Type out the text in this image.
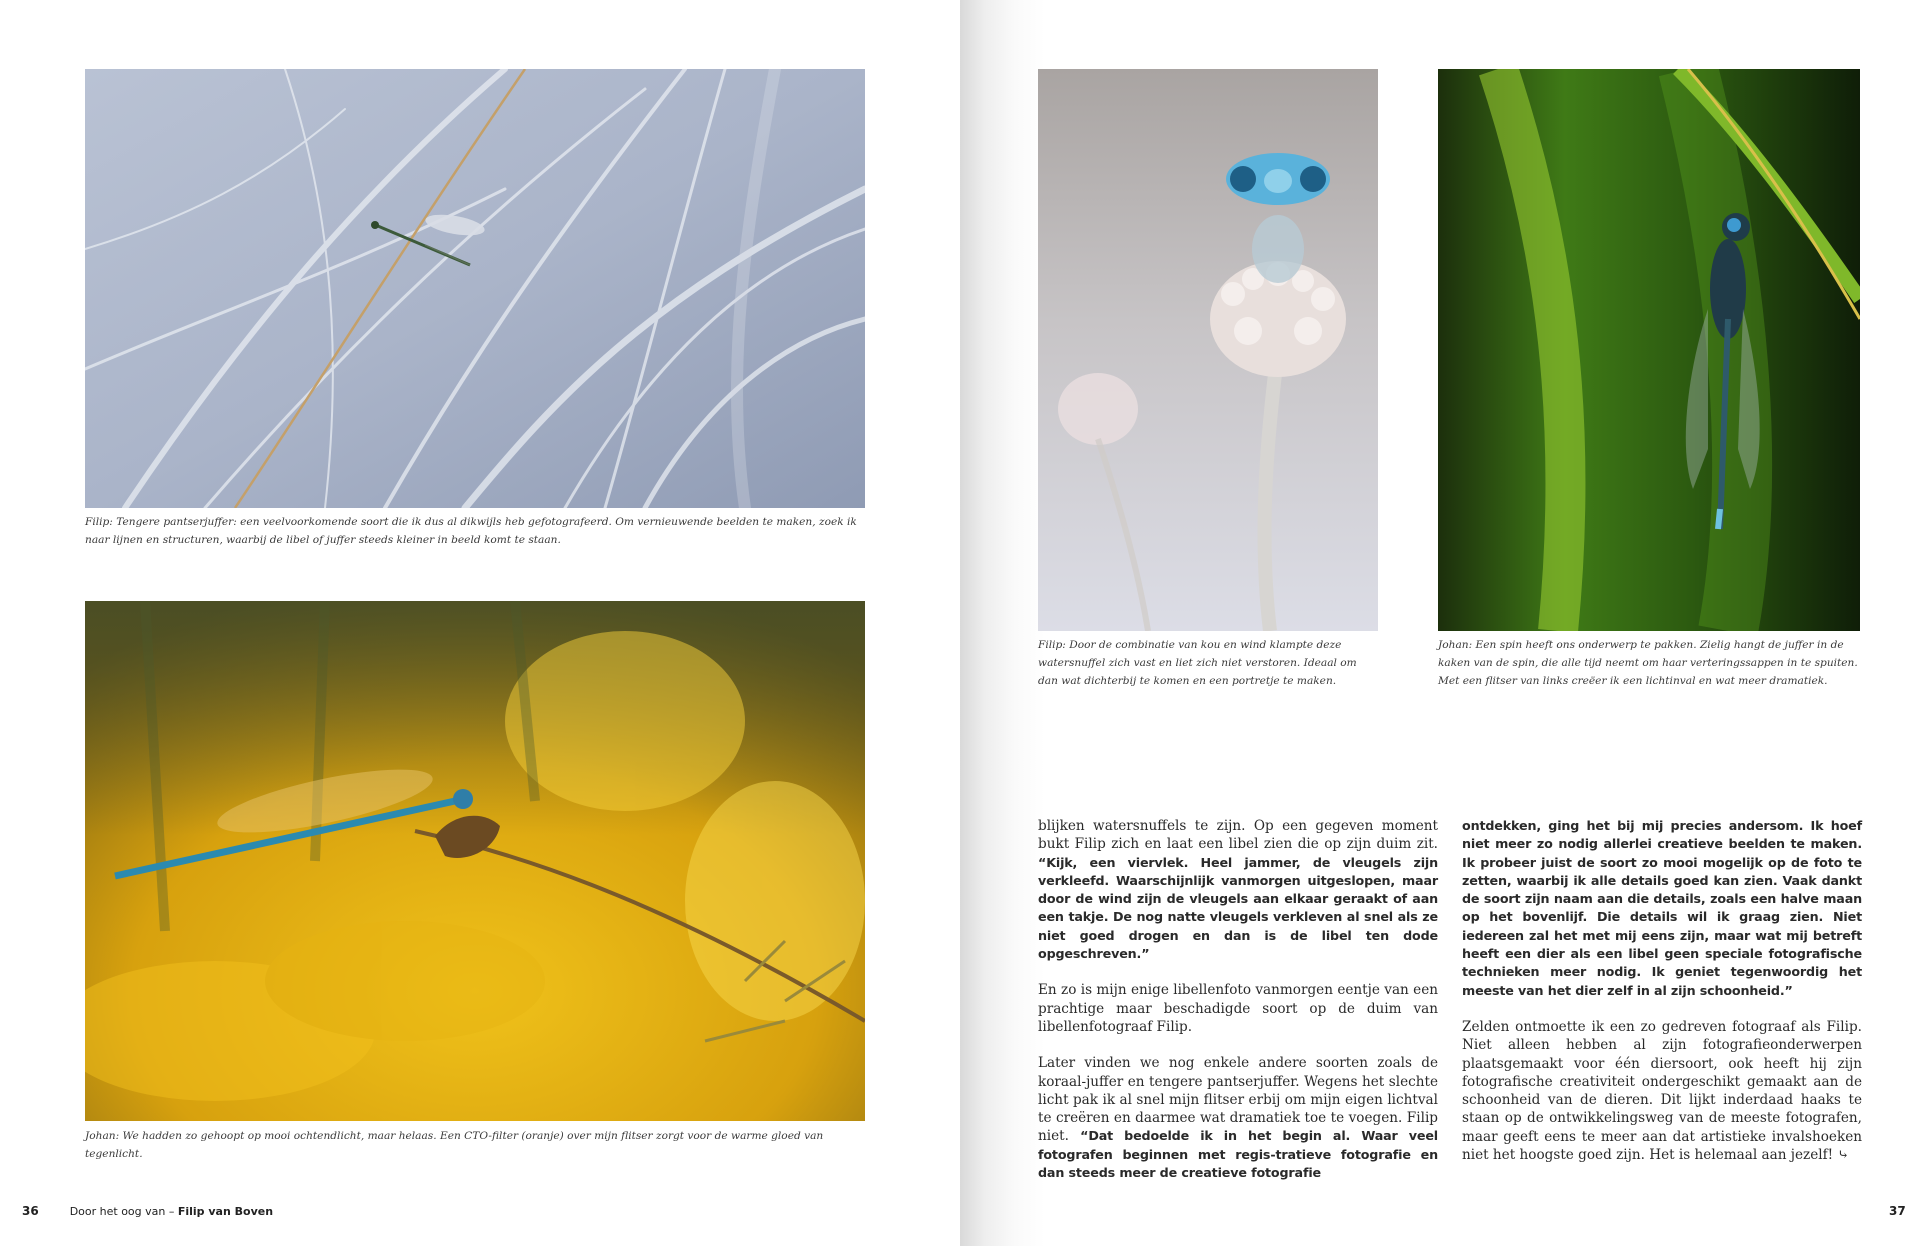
Filip: Tengere pantserjuffer: een veelvoorkomende soort die ik dus al dikwijls heb gefotografeerd. Om vernieuwende beelden te maken, zoek ik naar lijnen en structuren, waarbij de libel of juffer steeds kleiner in beeld komt te staan.

Johan: We hadden zo gehoopt op mooi ochtendlicht, maar helaas. Een CTO-filter (oranje) over mijn flitser zorgt voor de warme gloed van tegenlicht.

36	Door het oog van – Filip van Boven

Filip: Door de combinatie van kou en wind klampte deze watersnuffel zich vast en liet zich niet verstoren. Ideaal om dan wat dichterbij te komen en een portretje te maken.

Johan: Een spin heeft ons onderwerp te pakken. Zielig hangt de juffer in de kaken van de spin, die alle tijd neemt om haar verteringssappen in te spuiten. Met een flitser van links creëer ik een lichtinval en wat meer dramatiek.

blijken watersnuffels te zijn. Op een gegeven moment bukt Filip zich en laat een libel zien die op zijn duim zit. “Kijk, een viervlek. Heel jammer, de vleugels zijn verkleefd. Waarschijnlijk vanmorgen uitgeslopen, maar door de wind zijn de vleugels aan elkaar geraakt of aan een takje. De nog natte vleugels verkleven al snel als ze niet goed drogen en dan is de libel ten dode opgeschreven.”

En zo is mijn enige libellenfoto vanmorgen eentje van een prachtige maar beschadigde soort op de duim van libellenfotograaf Filip.

Later vinden we nog enkele andere soorten zoals de koraal-juffer en tengere pantserjuffer. Wegens het slechte licht pak ik al snel mijn flitser erbij om mijn eigen lichtval te creëren en daarmee wat dramatiek toe te voegen. Filip niet. “Dat bedoelde ik in het begin al. Waar veel fotografen beginnen met regis-tratieve fotografie en dan steeds meer de creatieve fotografie

ontdekken, ging het bij mij precies andersom. Ik hoef niet meer zo nodig allerlei creatieve beelden te maken. Ik probeer juist de soort zo mooi mogelijk op de foto te zetten, waarbij ik alle details goed kan zien. Vaak dankt de soort zijn naam aan die details, zoals een halve maan op het bovenlijf. Die details wil ik graag zien. Niet iedereen zal het met mij eens zijn, maar wat mij betreft heeft een dier als een libel geen speciale fotografische technieken meer nodig. Ik geniet tegenwoordig het meeste van het dier zelf in al zijn schoonheid.”

Zelden ontmoette ik een zo gedreven fotograaf als Filip. Niet alleen hebben al zijn fotografieonderwerpen plaatsgemaakt voor één diersoort, ook heeft hij zijn fotografische creativiteit ondergeschikt gemaakt aan de schoonheid van de dieren. Dit lijkt inderdaad haaks te staan op de ontwikkelingsweg van de meeste fotografen, maar geeft eens te meer aan dat artistieke invalshoeken niet het hoogste goed zijn. Het is helemaal aan jezelf! ⤷

37
